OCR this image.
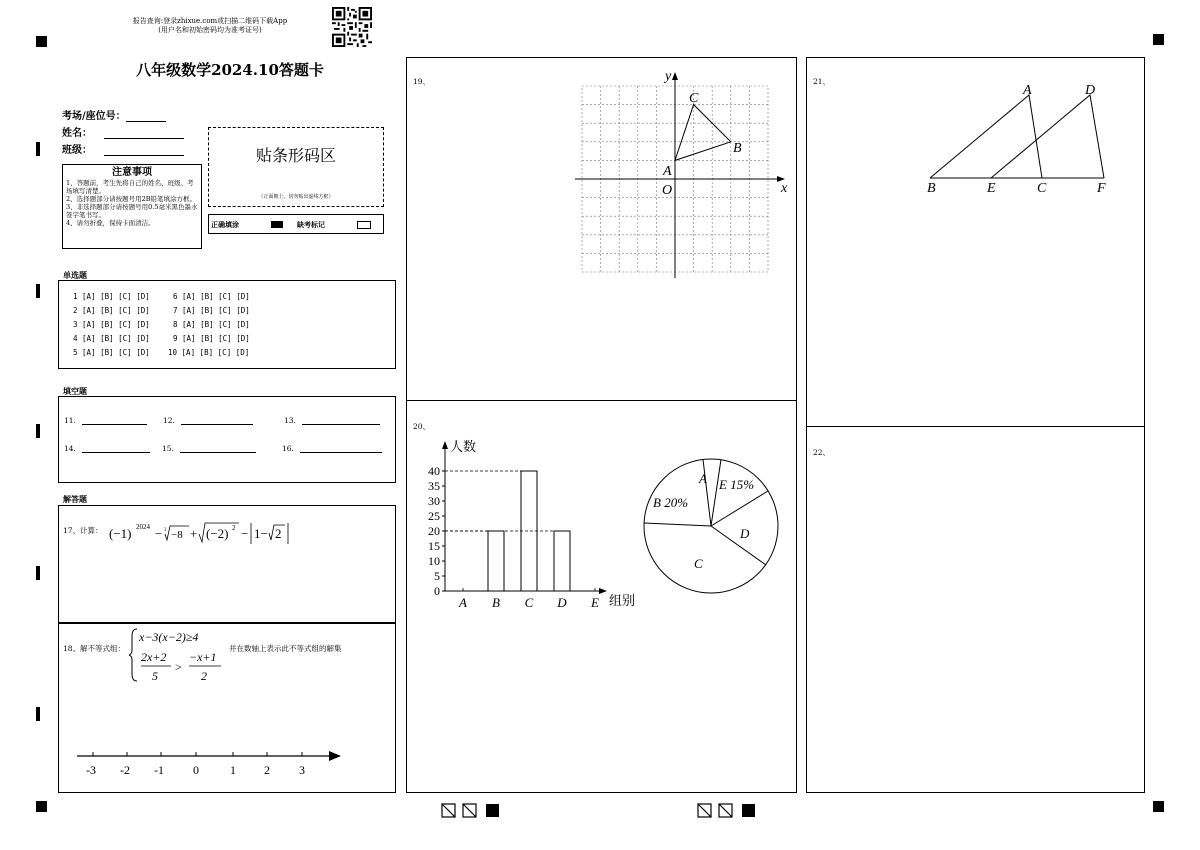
报告查询:登录zhixue.com或扫描二维码下载App
(用户名和初始密码均为准考证号)
八年级数学2024.10答题卡
考场/座位号：
姓名：
班级：	贴条形码区
（正面朝上，切勿贴出虚线方框）
注意事项
1、答题前，考生先将自己的姓名、班级、考场填写清楚。
2、选择题部分请按题号用2B铅笔填涂方框。
3、非选择题部分请按题号用0.5毫米黑色墨水签字笔书写。
4、请勿折叠，保持卡面清洁。	正确填涂	缺考标记
单选题
1 [A] [B] [C] [D]
2 [A] [B] [C] [D]
3 [A] [B] [C] [D]
4 [A] [B] [C] [D]
5 [A] [B] [C] [D]
6 [A] [B] [C] [D]
7 [A] [B] [C] [D]
8 [A] [B] [C] [D]
9 [A] [B] [C] [D]
10 [A] [B] [C] [D]
填空题
11.	12.	13.
14.	15.	16.
解答题
17、计算： (−1) 2024 − 3 −8 + (−2) 2 − 1− 2
18、解不等式组：
x−3(x−2)≥4
2x+2
5
>
−x+1
2
并在数轴上表示此不等式组的解集
-3 -2 -1 0	1 2 3
19、
x
y
O
A
B
C
20、
0
5
10
15
20
25
30
35
40
人数
组别
A B C D E
A E 15%
D
C
B 20%
21、
A	D
B	E	C	F
22、
